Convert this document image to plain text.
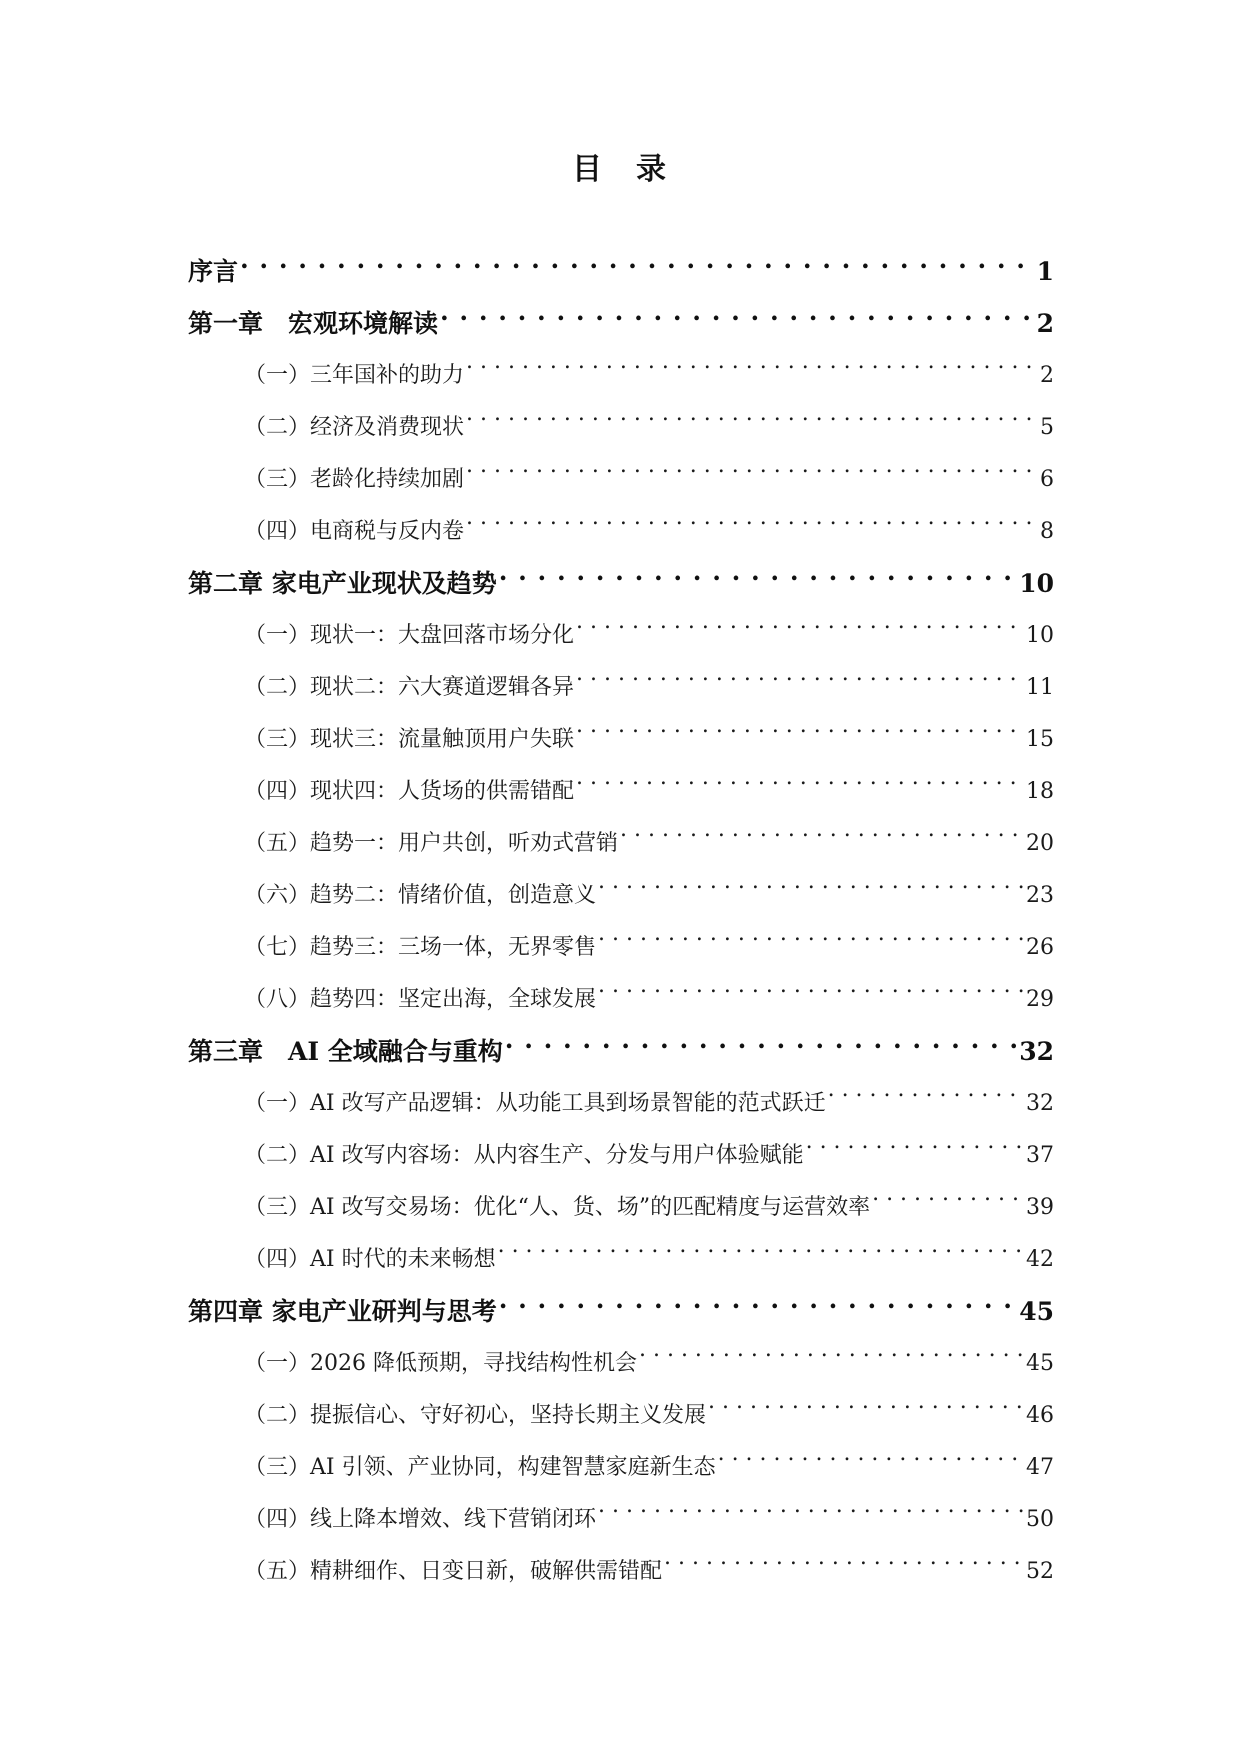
目 录
序言 . . .	1
第一章　宏观环境解读 . . .	2
（一）三年国补的助力 . . .	2
（二）经济及消费现状 . . .	5
（三）老龄化持续加剧 . . .	6
（四）电商税与反内卷 . . .	8
第二章 家电产业现状及趋势 . . .	10
（一）现状一：大盘回落市场分化 . . .	10
（二）现状二：六大赛道逻辑各异 . . .	11
（三）现状三：流量触顶用户失联 . . .	15
（四）现状四：人货场的供需错配 . . .	18
（五）趋势一：用户共创，听劝式营销 . . .	20
（六）趋势二：情绪价值，创造意义 . . .	23
（七）趋势三：三场一体，无界零售 . . .	26
（八）趋势四：坚定出海，全球发展 . . .	29
第三章　AI 全域融合与重构 . . .	32
（一）AI 改写产品逻辑：从功能工具到场景智能的范式跃迁 . . .	32
（二）AI 改写内容场：从内容生产、分发与用户体验赋能 . . .	37
（三）AI 改写交易场：优化“人、货、场”的匹配精度与运营效率 . . .	39
（四）AI 时代的未来畅想 . . .	42
第四章 家电产业研判与思考 . . .	45
（一）2026 降低预期，寻找结构性机会 . . .	45
（二）提振信心、守好初心，坚持长期主义发展 . . .	46
（三）AI 引领、产业协同，构建智慧家庭新生态 . . .	47
（四）线上降本增效、线下营销闭环 . . .	50
（五）精耕细作、日变日新，破解供需错配 . . .	52
